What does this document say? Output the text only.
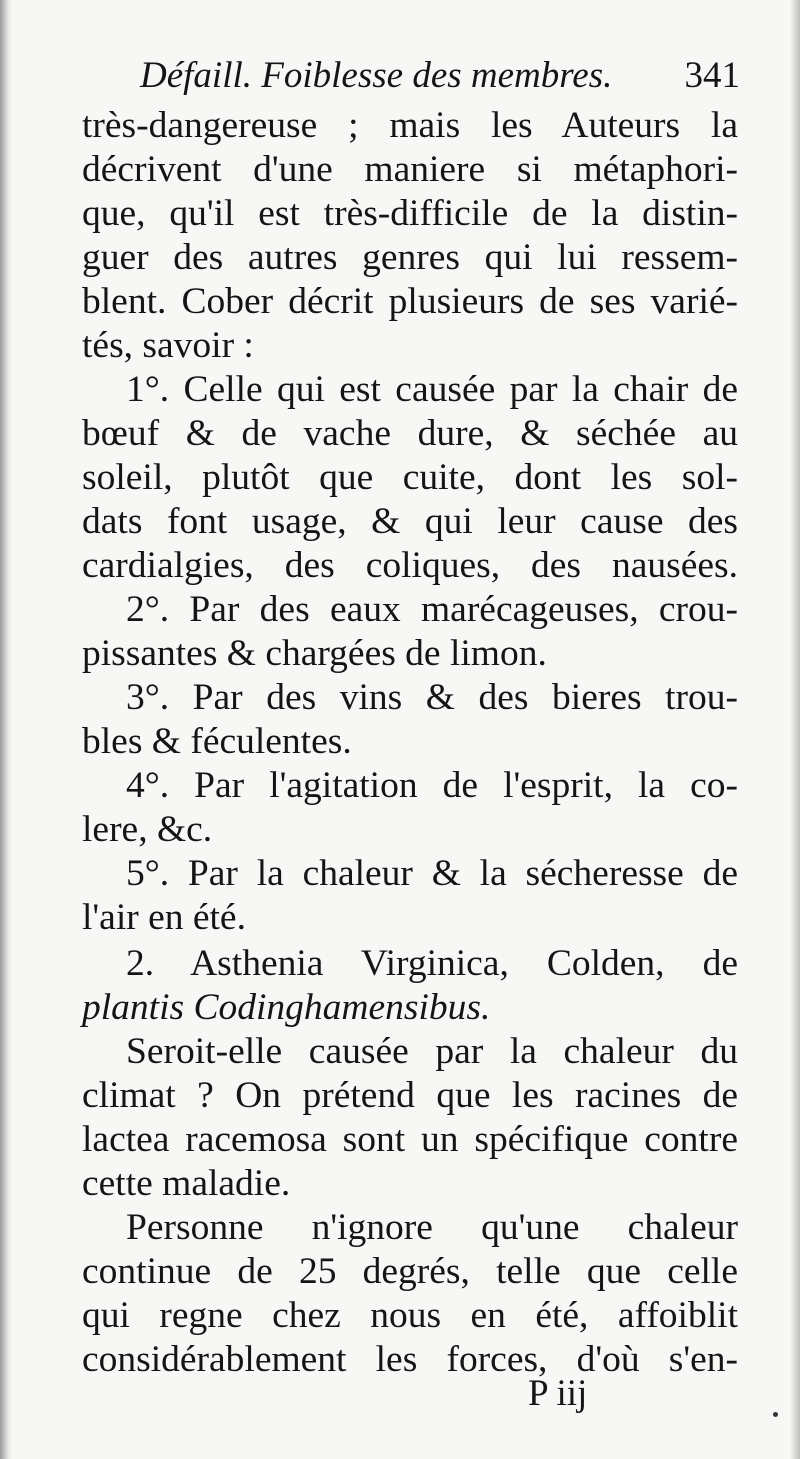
Défaill. Foiblesse des membres. 341
très-dangereuse ; mais les Auteurs la
décrivent d'une maniere si métaphori-
que, qu'il est très-difficile de la distin-
guer des autres genres qui lui ressem-
blent. Cober décrit plusieurs de ses varié-
tés, savoir :
1°. Celle qui est causée par la chair de
bœuf & de vache dure, & séchée au
soleil, plutôt que cuite, dont les sol-
dats font usage, & qui leur cause des
cardialgies, des coliques, des nausées.
2°. Par des eaux marécageuses, crou-
pissantes & chargées de limon.
3°. Par des vins & des bieres trou-
bles & féculentes.
4°. Par l'agitation de l'esprit, la co-
lere, &c.
5°. Par la chaleur & la sécheresse de
l'air en été.
2. Asthenia Virginica, Colden, de
plantis Codinghamensibus.
Seroit-elle causée par la chaleur du
climat ? On prétend que les racines de
lactea racemosa sont un spécifique contre
cette maladie.
Personne n'ignore qu'une chaleur
continue de 25 degrés, telle que celle
qui regne chez nous en été, affoiblit
considérablement les forces, d'où s'en-
P iij
